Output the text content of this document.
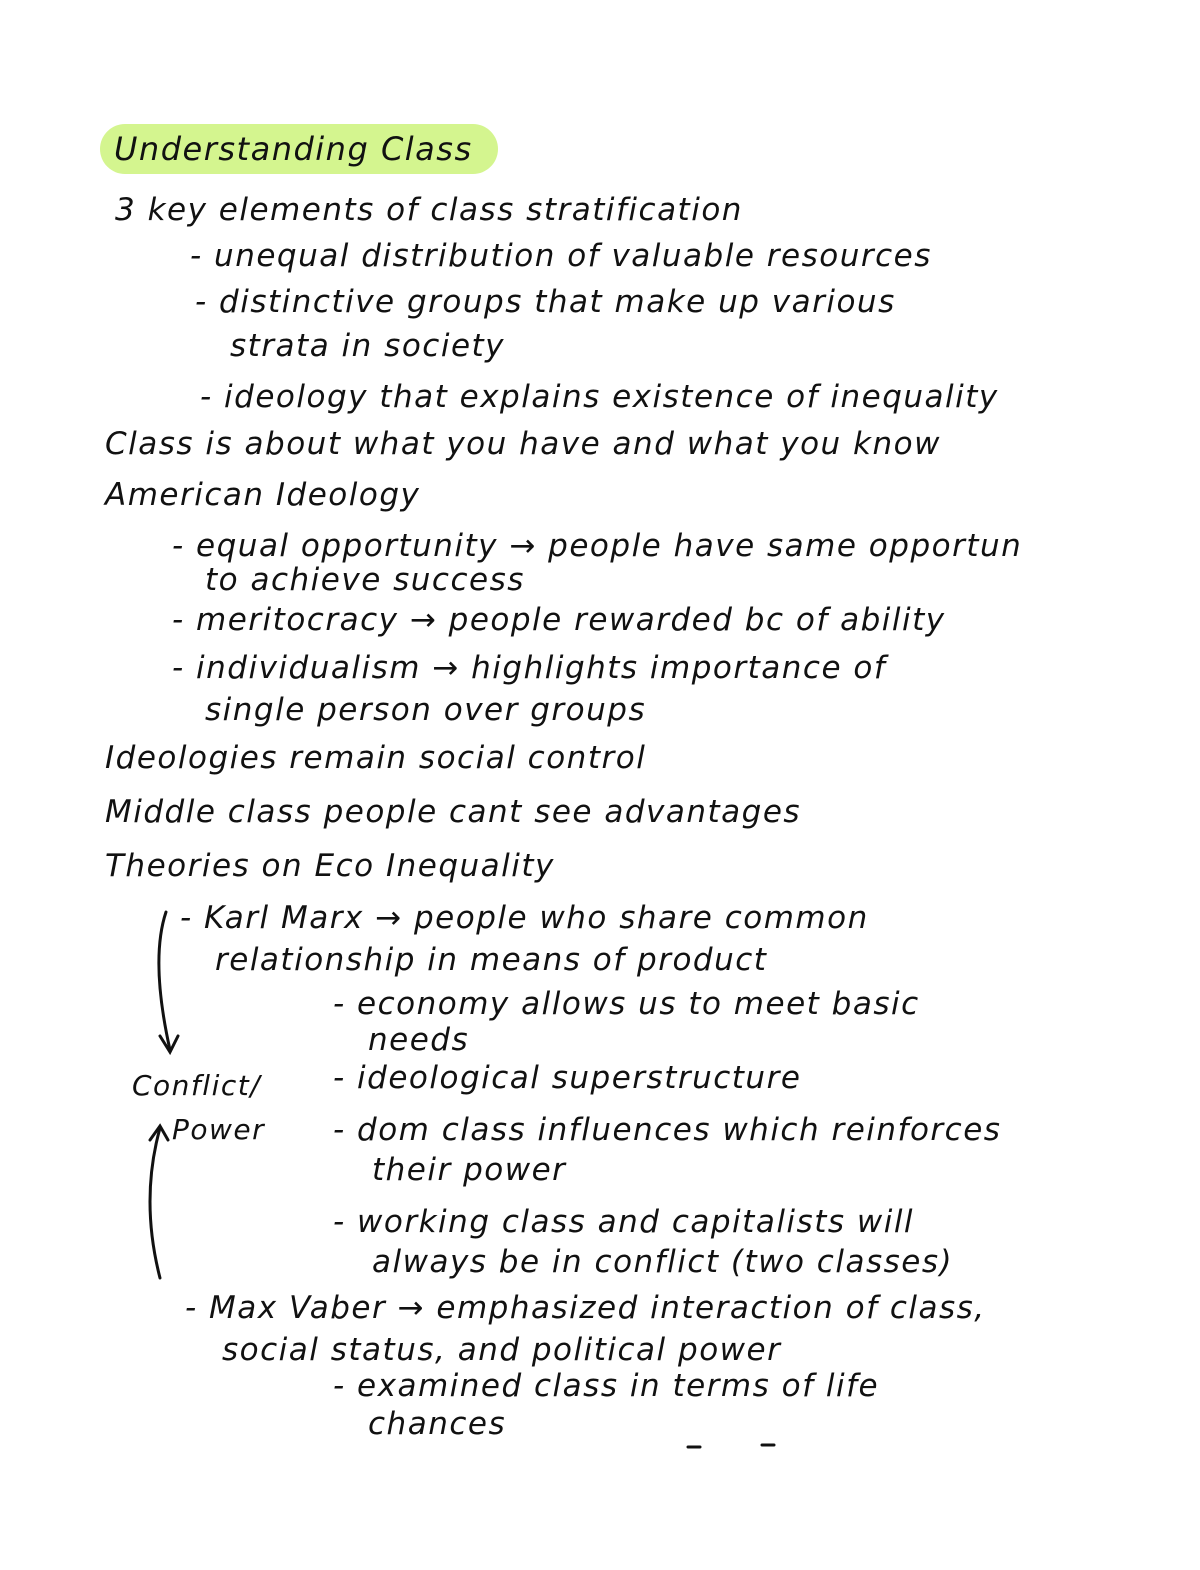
Understanding Class
3 key elements of class stratification
- unequal distribution of valuable resources
- distinctive groups that make up various
strata in society
- ideology that explains existence of inequality
Class is about what you have and what you know
American Ideology
- equal opportunity → people have same opportun
to achieve success
- meritocracy → people rewarded bc of ability
- individualism → highlights importance of
single person over groups
Ideologies remain social control
Middle class people cant see advantages
Theories on Eco Inequality
- Karl Marx → people who share common
relationship in means of product
- economy allows us to meet basic
needs
- ideological superstructure
- dom class influences which reinforces
their power
- working class and capitalists will
always be in conflict (two classes)
- Max Vaber → emphasized interaction of class,
social status, and political power
- examined class in terms of life
chances
Conflict/
Power
